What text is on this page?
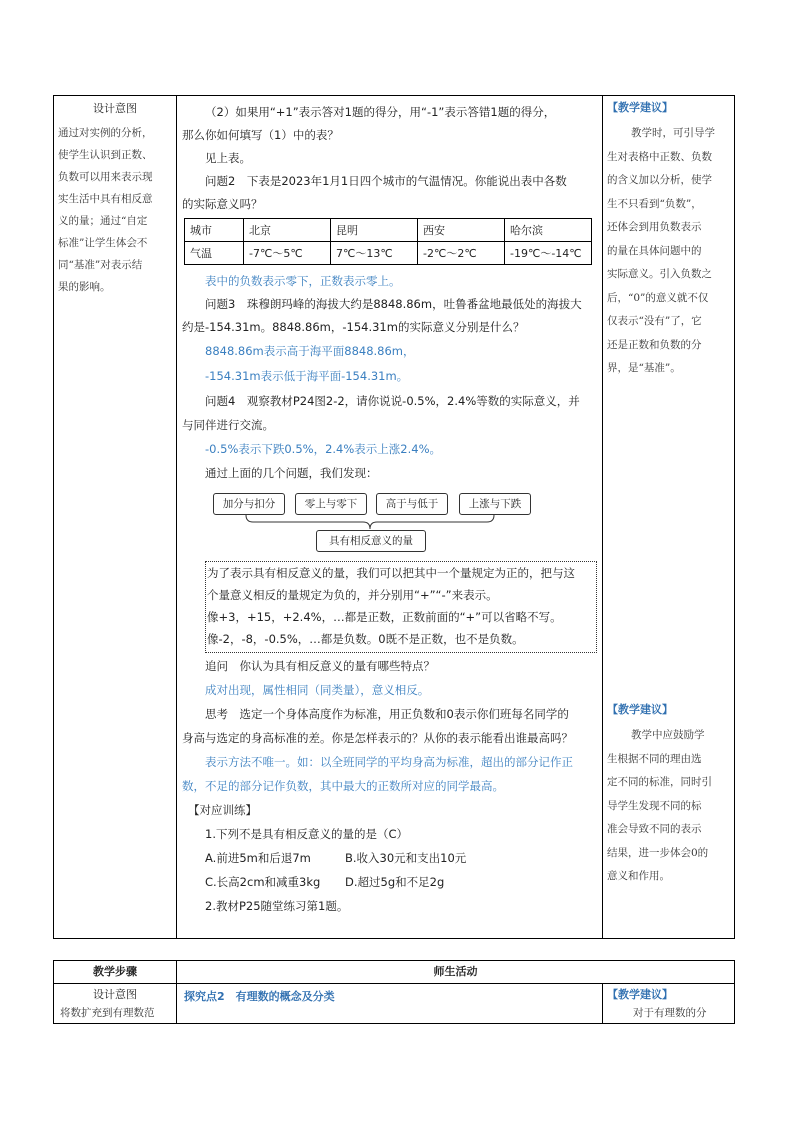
设计意图
通过对实例的分析，
使学生认识到正数、
负数可以用来表示现
实生活中具有相反意
义的量；通过“自定
标准”让学生体会不
同“基准”对表示结
果的影响。
【教学建议】
教学时，可引导学
生对表格中正数、负数
的含义加以分析，使学
生不只看到“负数”，
还体会到用负数表示
的量在具体问题中的
实际意义。引入负数之
后，“0”的意义就不仅
仅表示“没有”了，它
还是正数和负数的分
界，是“基准”。
【教学建议】
教学中应鼓励学
生根据不同的理由选
定不同的标准，同时引
导学生发现不同的标
准会导致不同的表示
结果，进一步体会0的
意义和作用。
（2）如果用“+1”表示答对1题的得分，用“-1”表示答错1题的得分，
那么你如何填写（1）中的表？
见上表。
问题2　下表是2023年1月1日四个城市的气温情况。你能说出表中各数
的实际意义吗？
城市	北京	昆明	西安	哈尔滨
气温	-7℃～5℃	7℃～13℃	-2℃～2℃	-19℃～-14℃
表中的负数表示零下，正数表示零上。
问题3　珠穆朗玛峰的海拔大约是8848.86m，吐鲁番盆地最低处的海拔大
约是-154.31m。8848.86m，-154.31m的实际意义分别是什么？
8848.86m表示高于海平面8848.86m，
-154.31m表示低于海平面-154.31m。
问题4　观察教材P24图2-2，请你说说-0.5%，2.4%等数的实际意义，并
与同伴进行交流。
-0.5%表示下跌0.5%，2.4%表示上涨2.4%。
通过上面的几个问题，我们发现：
加分与扣分	零上与零下	高于与低于	上涨与下跌
具有相反意义的量
为了表示具有相反意义的量，我们可以把其中一个量规定为正的，把与这
个量意义相反的量规定为负的，并分别用“+”“-”来表示。
像+3，+15，+2.4%，…都是正数，正数前面的“+”可以省略不写。
像-2，-8，-0.5%，…都是负数。0既不是正数，也不是负数。
追问　你认为具有相反意义的量有哪些特点？
成对出现，属性相同（同类量），意义相反。
思考　选定一个身体高度作为标准，用正负数和0表示你们班每名同学的
身高与选定的身高标准的差。你是怎样表示的？从你的表示能看出谁最高吗？
表示方法不唯一。如：以全班同学的平均身高为标准，超出的部分记作正
数，不足的部分记作负数，其中最大的正数所对应的同学最高。
【对应训练】
1.下列不是具有相反意义的量的是（C）
A.前进5m和后退7m	B.收入30元和支出10元
C.长高2cm和减重3kg D.超过5g和不足2g
2.教材P25随堂练习第1题。
教学步骤	师生活动
设计意图
将数扩充到有理数范
探究点2　有理数的概念及分类	【教学建议】
对于有理数的分
